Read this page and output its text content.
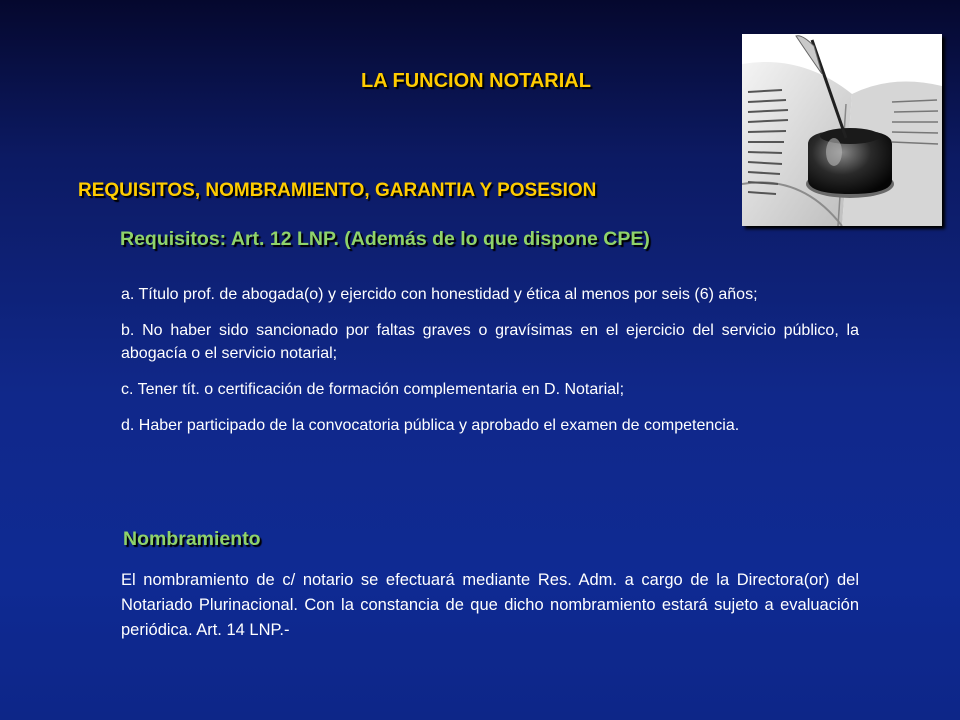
LA FUNCION NOTARIAL
REQUISITOS, NOMBRAMIENTO, GARANTIA Y POSESION
Requisitos: Art. 12 LNP. (Además de lo que dispone CPE)

a. Título prof. de abogada(o) y ejercido con honestidad y ética al menos por seis (6) años;

b. No haber sido sancionado por faltas graves o gravísimas en el ejercicio del servicio público, la abogacía o el servicio notarial;

c. Tener tít. o certificación de formación complementaria en D. Notarial;

d. Haber participado de la convocatoria pública y aprobado el examen de competencia.

Nombramiento
El nombramiento de c/ notario se efectuará mediante Res. Adm. a cargo de la Directora(or) del Notariado Plurinacional. Con la constancia de que dicho nombramiento estará sujeto a evaluación periódica. Art. 14 LNP.-
